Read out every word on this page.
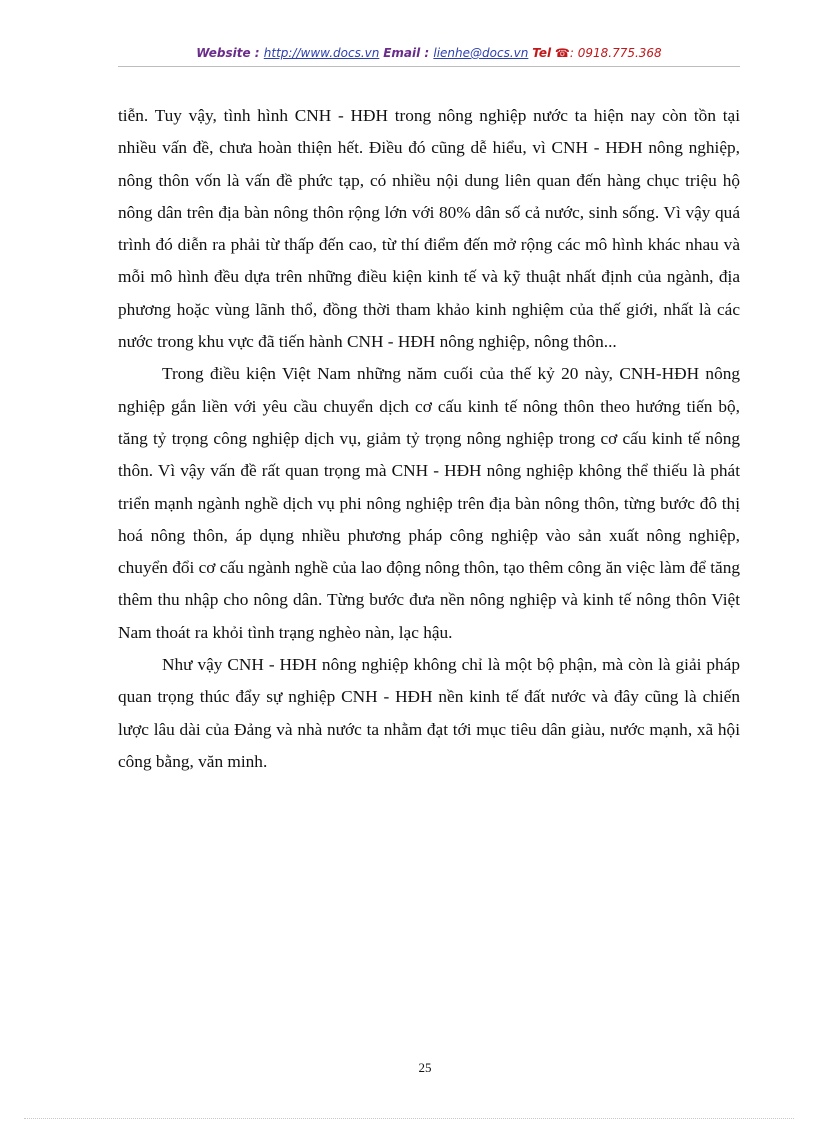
Website : http://www.docs.vn Email : lienhe@docs.vn Tel ☎: 0918.775.368

tiễn. Tuy vậy, tình hình CNH - HĐH trong nông nghiệp nước ta hiện nay còn tồn tại nhiều vấn đề, chưa hoàn thiện hết. Điều đó cũng dễ hiểu, vì CNH - HĐH nông nghiệp, nông thôn vốn là vấn đề phức tạp, có nhiều nội dung liên quan đến hàng chục triệu hộ nông dân trên địa bàn nông thôn rộng lớn với 80% dân số cả nước, sinh sống. Vì vậy quá trình đó diễn ra phải từ thấp đến cao, từ thí điểm đến mở rộng các mô hình khác nhau và mỗi mô hình đều dựa trên những điều kiện kinh tế và kỹ thuật nhất định của ngành, địa phương hoặc vùng lãnh thổ, đồng thời tham khảo kinh nghiệm của thế giới, nhất là các nước trong khu vực đã tiến hành CNH - HĐH nông nghiệp, nông thôn...

Trong điều kiện Việt Nam những năm cuối của thế kỷ 20 này, CNH-HĐH nông nghiệp gắn liền với yêu cầu chuyển dịch cơ cấu kinh tế nông thôn theo hướng tiến bộ, tăng tỷ trọng công nghiệp dịch vụ, giảm tỷ trọng nông nghiệp trong cơ cấu kinh tế nông thôn. Vì vậy vấn đề rất quan trọng mà CNH - HĐH nông nghiệp không thể thiếu là phát triển mạnh ngành nghề dịch vụ phi nông nghiệp trên địa bàn nông thôn, từng bước đô thị hoá nông thôn, áp dụng nhiều phương pháp công nghiệp vào sản xuất nông nghiệp, chuyển đổi cơ cấu ngành nghề của lao động nông thôn, tạo thêm công ăn việc làm để tăng thêm thu nhập cho nông dân. Từng bước đưa nền nông nghiệp và kinh tế nông thôn Việt Nam thoát ra khỏi tình trạng nghèo nàn, lạc hậu.

Như vậy CNH - HĐH nông nghiệp không chỉ là một bộ phận, mà còn là giải pháp quan trọng thúc đẩy sự nghiệp CNH - HĐH nền kinh tế đất nước và đây cũng là chiến lược lâu dài của Đảng và nhà nước ta nhằm đạt tới mục tiêu dân giàu, nước mạnh, xã hội công bằng, văn minh.

25
